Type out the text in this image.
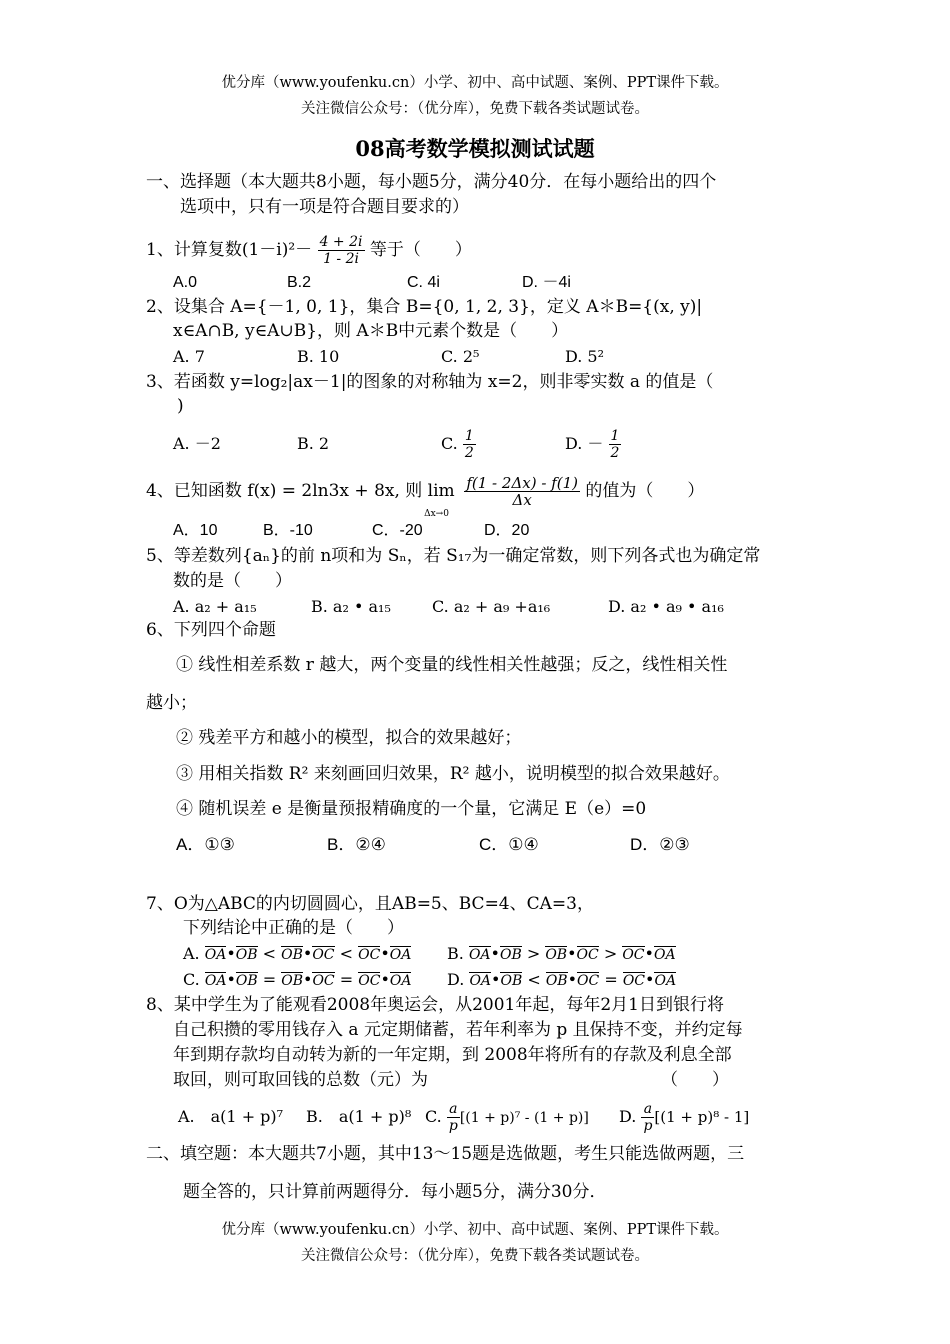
优分库（www.youfenku.cn）小学、初中、高中试题、案例、PPT课件下载。
关注微信公众号：（优分库），免费下载各类试题试卷。
08高考数学模拟测试试题
一、选择题（本大题共8小题，每小题5分，满分40分．在每小题给出的四个
选项中，只有一项是符合题目要求的）
1、计算复数$(1-i)^2- \frac{4 + 2i}{1 - 2i}$ 等于（　　）
A.0	B.2	C. 4i	D. －4i
2、设集合 A={－1, 0, 1}，集合 B={0, 1, 2, 3}，定义 A＊B={(x, y)|
x∈A∩B, y∈A∪B}，则 A＊B中元素个数是（　　）
A. 7	B. 10	C. 2⁵	D. 5²
3、若函数 y=log₂|ax－1|的图象的对称轴为 x=2，则非零实数 a 的值是（
)
A. －2	B. 2	C. $\frac{1}{2}$	D. － $\frac{1}{2}$
4、已知函数 f(x) = 2ln3x + 8x, 则 lim Δx→0
$\frac{f(1 - 2\Delta x) - f(1)}{\Delta x}$ 的值为（　　）
A．10	B．-10	C．-20	D．20
5、等差数列{aₙ}的前 n项和为 Sₙ，若 S₁₇为一确定常数，则下列各式也为确定常
数的是（　　）
A. a₂ + a₁₅	B. a₂ • a₁₅	C. a₂ + a₉ +a₁₆	D. a₂ • a₉ • a₁₆
6、下列四个命题
① 线性相差系数 r 越大，两个变量的线性相关性越强；反之，线性相关性
越小；
② 残差平方和越小的模型，拟合的效果越好；
③ 用相关指数 R² 来刻画回归效果，R² 越小，说明模型的拟合效果越好。
④ 随机误差 e 是衡量预报精确度的一个量，它满足 E（e）=0
A．①③	B．②④	C．①④	D．②③
7、O为△ABC的内切圆圆心，且AB=5、BC=4、CA=3，
下列结论中正确的是（　　）
A. OA•OB < OB•OC < OC•OA B. OA•OB > OB•OC > OC•OA
C. OA•OB = OB•OC = OC•OA D. OA•OB < OB•OC = OC•OA
8、某中学生为了能观看2008年奥运会，从2001年起，每年2月1日到银行将
自己积攒的零用钱存入 a 元定期储蓄，若年利率为 p 且保持不变，并约定每
年到期存款均自动转为新的一年定期，到 2008年将所有的存款及利息全部
取回，则可取回钱的总数（元）为	（　　）
A.　a(1 + p)⁷ B.　a(1 + p)⁸ C. $\frac{a}{p} [(1 + p)^7 - (1 + p)]$ D. $\frac{a}{p} [(1 + p)^8 - 1]$
二、填空题：本大题共7小题，其中13～15题是选做题，考生只能选做两题，三
题全答的，只计算前两题得分．每小题5分，满分30分．
优分库（www.youfenku.cn）小学、初中、高中试题、案例、PPT课件下载。
关注微信公众号：（优分库），免费下载各类试题试卷。
